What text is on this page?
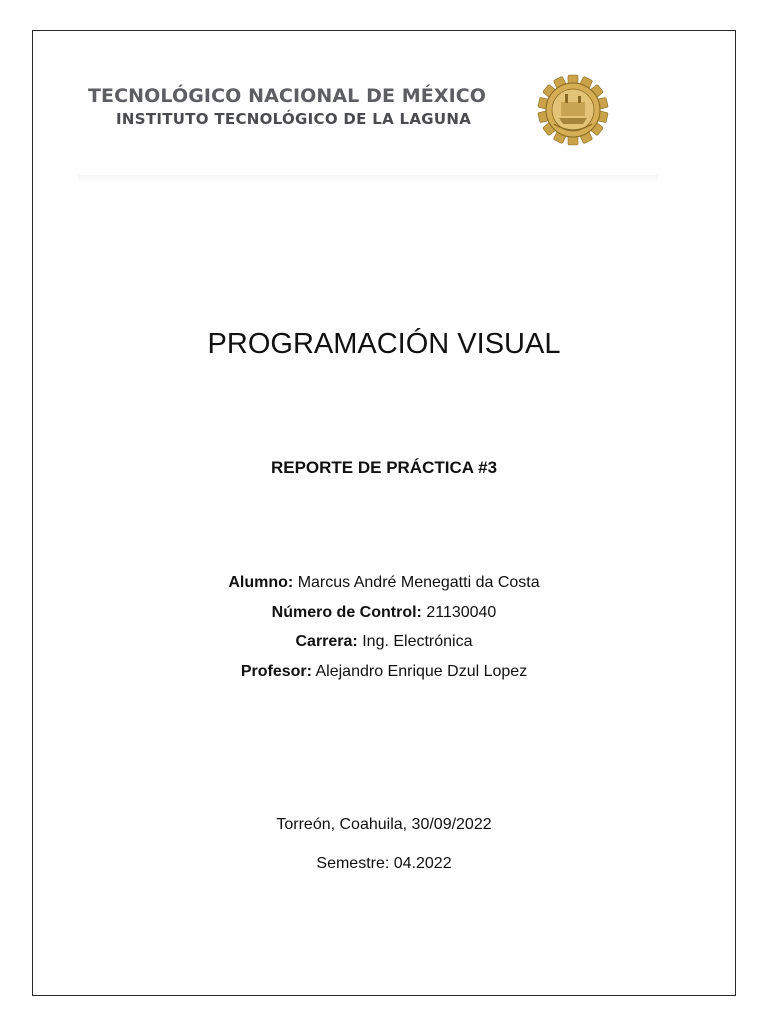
TECNOLÓGICO NACIONAL DE MÉXICO
INSTITUTO TECNOLÓGICO DE LA LAGUNA
PROGRAMACIÓN VISUAL
REPORTE DE PRÁCTICA #3
Alumno: Marcus André Menegatti da Costa
Número de Control: 21130040
Carrera: Ing. Electrónica
Profesor: Alejandro Enrique Dzul Lopez
Torreón, Coahuila, 30/09/2022
Semestre: 04.2022
